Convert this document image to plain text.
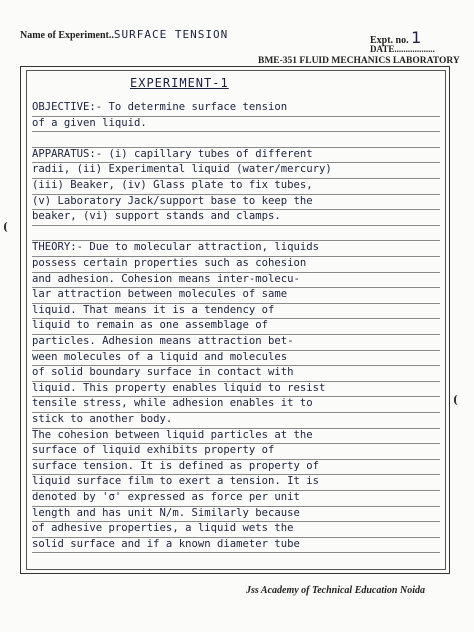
Name of Experiment..SURFACE TENSION	Expt. no. 1
DATE..................
BME-351 FLUID MECHANICS LABORATORY
EXPERIMENT-1
OBJECTIVE:- To determine surface tension
of a given liquid.
APPARATUS:- (i) capillary tubes of different
radii, (ii) Experimental liquid (water/mercury)
(iii) Beaker, (iv) Glass plate to fix tubes,
(v) Laboratory Jack/support base to keep the
beaker, (vi) support stands and clamps.
THEORY:- Due to molecular attraction, liquids
possess certain properties such as cohesion
and adhesion. Cohesion means inter-molecu-
lar attraction between molecules of same
liquid. That means it is a tendency of
liquid to remain as one assemblage of
particles. Adhesion means attraction bet-
ween molecules of a liquid and molecules
of solid boundary surface in contact with
liquid. This property enables liquid to resist
tensile stress, while adhesion enables it to
stick to another body.
The cohesion between liquid particles at the
surface of liquid exhibits property of
surface tension. It is defined as property of
liquid surface film to exert a tension. It is
denoted by 'σ' expressed as force per unit
length and has unit N/m. Similarly because
of adhesive properties, a liquid wets the
solid surface and if a known diameter tube
Jss Academy of Technical Education Noida
